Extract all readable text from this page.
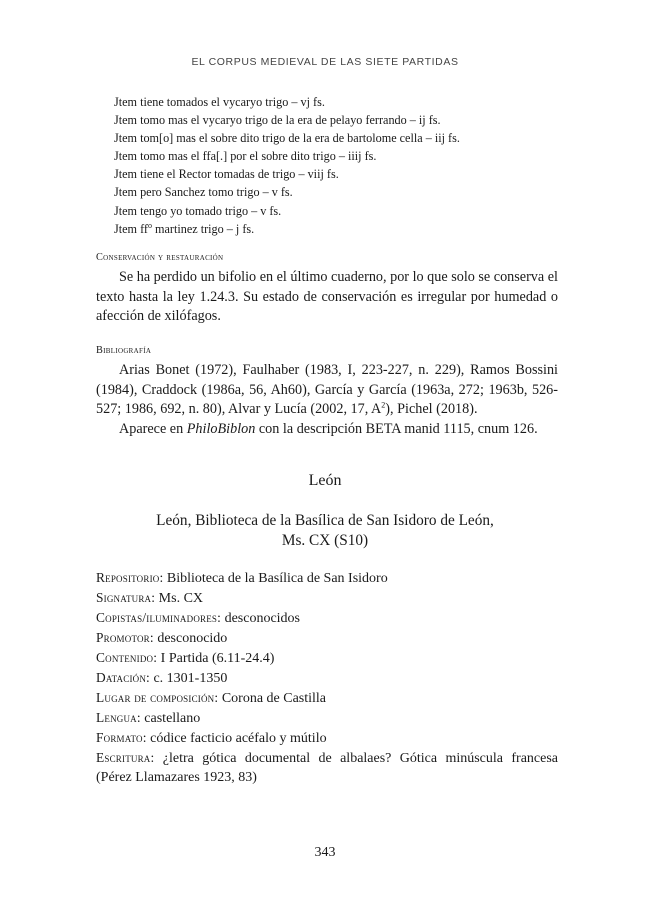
EL CORPUS MEDIEVAL DE LAS SIETE PARTIDAS
Jtem tiene tomados el vycaryo trigo – vj fs.
Jtem tomo mas el vycaryo trigo de la era de pelayo ferrando – ij fs.
Jtem tom[o] mas el sobre dito trigo de la era de bartolome cella – iij fs.
Jtem tomo mas el ffa[.] por el sobre dito trigo – iiij fs.
Jtem tiene el Rector tomadas de trigo – viij fs.
Jtem pero Sanchez tomo trigo – v fs.
Jtem tengo yo tomado trigo – v fs.
Jtem $ff^o$ martinez trigo – j fs.
Conservación y restauración
Se ha perdido un bifolio en el último cuaderno, por lo que solo se conserva el texto hasta la ley 1.24.3. Su estado de conservación es irregular por humedad o afección de xilófagos.
Bibliografía
Arias Bonet (1972), Faulhaber (1983, I, 223-227, n. 229), Ramos Bossini (1984), Craddock (1986a, 56, Ah60), García y García (1963a, 272; 1963b, 526-527; 1986, 692, n. 80), Alvar y Lucía (2002, 17, $A^2$), Pichel (2018).
Aparece en PhiloBiblon con la descripción BETA manid 1115, cnum 126.
León
León, Biblioteca de la Basílica de San Isidoro de León,
Ms. CX (S10)
Repositorio: Biblioteca de la Basílica de San Isidoro
Signatura: Ms. CX
Copistas/iluminadores: desconocidos
Promotor: desconocido
Contenido: I Partida (6.11-24.4)
Datación: c. 1301-1350
Lugar de composición: Corona de Castilla
Lengua: castellano
Formato: códice facticio acéfalo y mútilo
Escritura: ¿letra gótica documental de albalaes? Gótica minúscula francesa (Pérez Llamazares 1923, 83)
343
